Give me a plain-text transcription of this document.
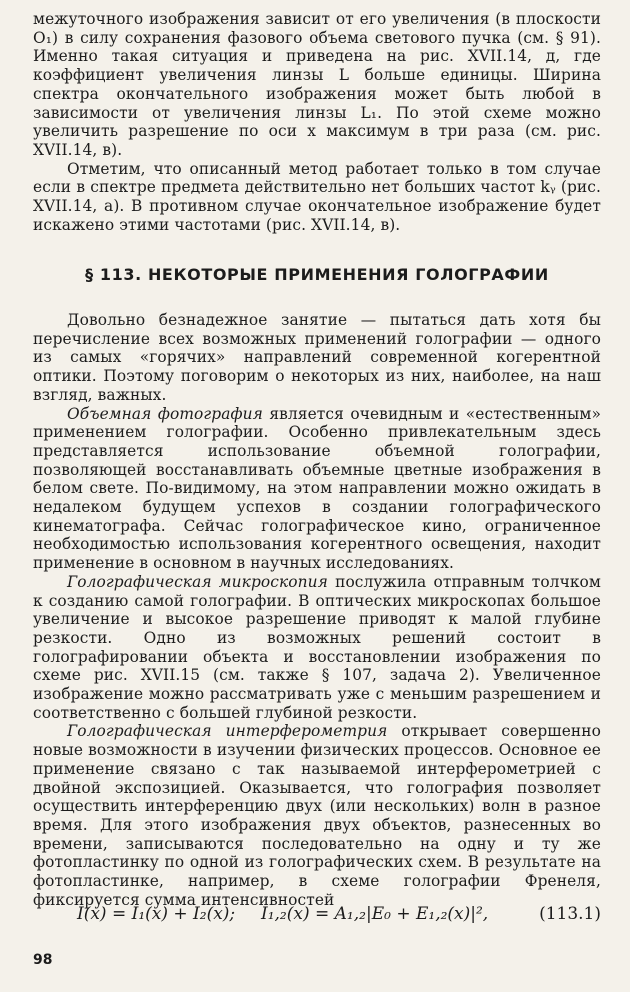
межуточного изображения зависит от его увеличения (в плоскости O₁) в силу сохранения фазового объема светового пучка (см. § 91). Именно такая ситуация и приведена на рис. XVII.14, д, где коэффициент увеличения линзы L больше единицы. Ширина спектра окончательного изображения может быть любой в зависимости от увеличения линзы L₁. По этой схеме можно увеличить разрешение по оси x максимум в три раза (см. рис. XVII.14, в).

Отметим, что описанный метод работает только в том случае если в спектре предмета действительно нет больших частот kᵧ (рис. XVII.14, а). В противном случае окончательное изображение будет искажено этими частотами (рис. XVII.14, в).

§ 113. НЕКОТОРЫЕ ПРИМЕНЕНИЯ ГОЛОГРАФИИ

Довольно безнадежное занятие — пытаться дать хотя бы перечисление всех возможных применений голографии — одного из самых «горячих» направлений современной когерентной оптики. Поэтому поговорим о некоторых из них, наиболее, на наш взгляд, важных.

Объемная фотография является очевидным и «естественным» применением голографии. Особенно привлекательным здесь представляется использование объемной голографии, позволяющей восстанавливать объемные цветные изображения в белом свете. По-видимому, на этом направлении можно ожидать в недалеком будущем успехов в создании голографического кинематографа. Сейчас голографическое кино, ограниченное необходимостью использования когерентного освещения, находит применение в основном в научных исследованиях.

Голографическая микроскопия послужила отправным толчком к созданию самой голографии. В оптических микроскопах большое увеличение и высокое разрешение приводят к малой глубине резкости. Одно из возможных решений состоит в голографировании объекта и восстановлении изображения по схеме рис. XVII.15 (см. также § 107, задача 2). Увеличенное изображение можно рассматривать уже с меньшим разрешением и соответственно с большей глубиной резкости.

Голографическая интерферометрия открывает совершенно новые возможности в изучении физических процессов. Основное ее применение связано с так называемой интерферометрией с двойной экспозицией. Оказывается, что голография позволяет осуществить интерференцию двух (или нескольких) волн в разное время. Для этого изображения двух объектов, разнесенных во времени, записываются последовательно на одну и ту же фотопластинку по одной из голографических схем. В результате на фотопластинке, например, в схеме голографии Френеля, фиксируется сумма интенсивностей

I(x) = I₁(x) + I₂(x); I₁,₂(x) = A₁,₂|E₀ + E₁,₂(x)|²,	(113.1)
98
